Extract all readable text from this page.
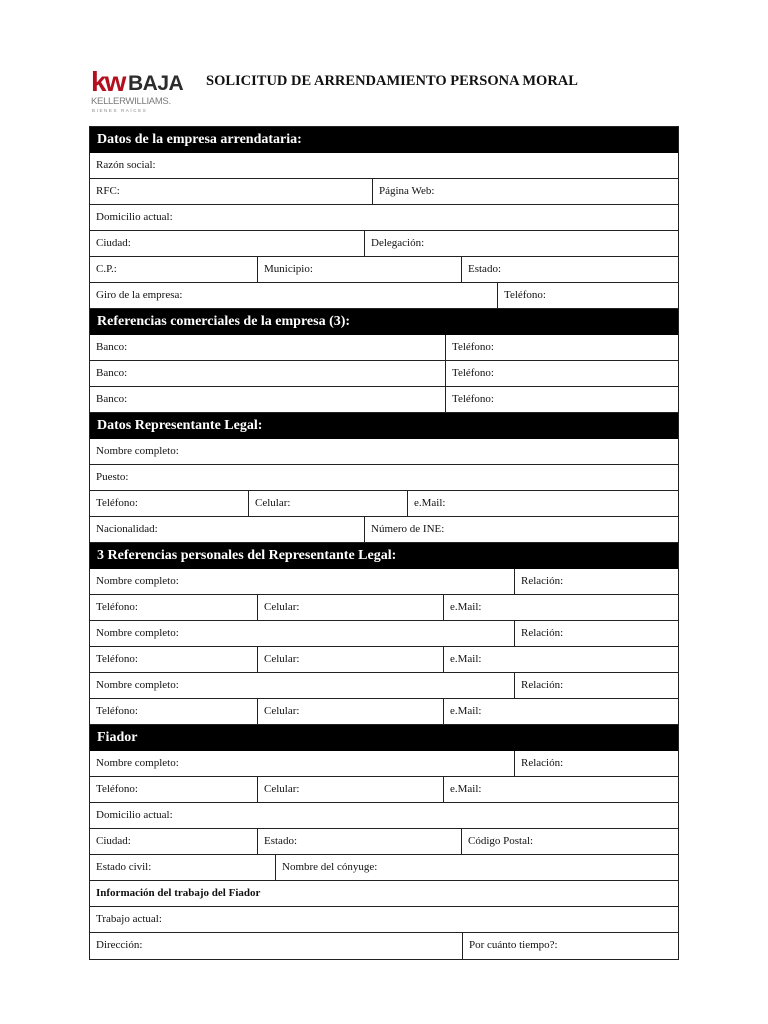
kw BAJA
KELLERWILLIAMS.
BIENES RAÍCES
SOLICITUD DE ARRENDAMIENTO PERSONA MORAL
Datos de la empresa arrendataria:
Razón social:
RFC:	Página Web:
Domicilio actual:
Ciudad:	Delegación:
C.P.:	Municipio:	Estado:
Giro de la empresa:	Teléfono:
Referencias comerciales de la empresa (3):
Banco:	Teléfono:
Banco:	Teléfono:
Banco:	Teléfono:
Datos Representante Legal:
Nombre completo:
Puesto:
Teléfono:	Celular:	e.Mail:
Nacionalidad:	Número de INE:
3 Referencias personales del Representante Legal:
Nombre completo:	Relación:
Teléfono:	Celular:	e.Mail:
Nombre completo:	Relación:
Teléfono:	Celular:	e.Mail:
Nombre completo:	Relación:
Teléfono:	Celular:	e.Mail:
Fiador
Nombre completo:	Relación:
Teléfono:	Celular:	e.Mail:
Domicilio actual:
Ciudad:	Estado:	Código Postal:
Estado civil:	Nombre del cónyuge:
Información del trabajo del Fiador
Trabajo actual:
Dirección:	Por cuánto tiempo?:
